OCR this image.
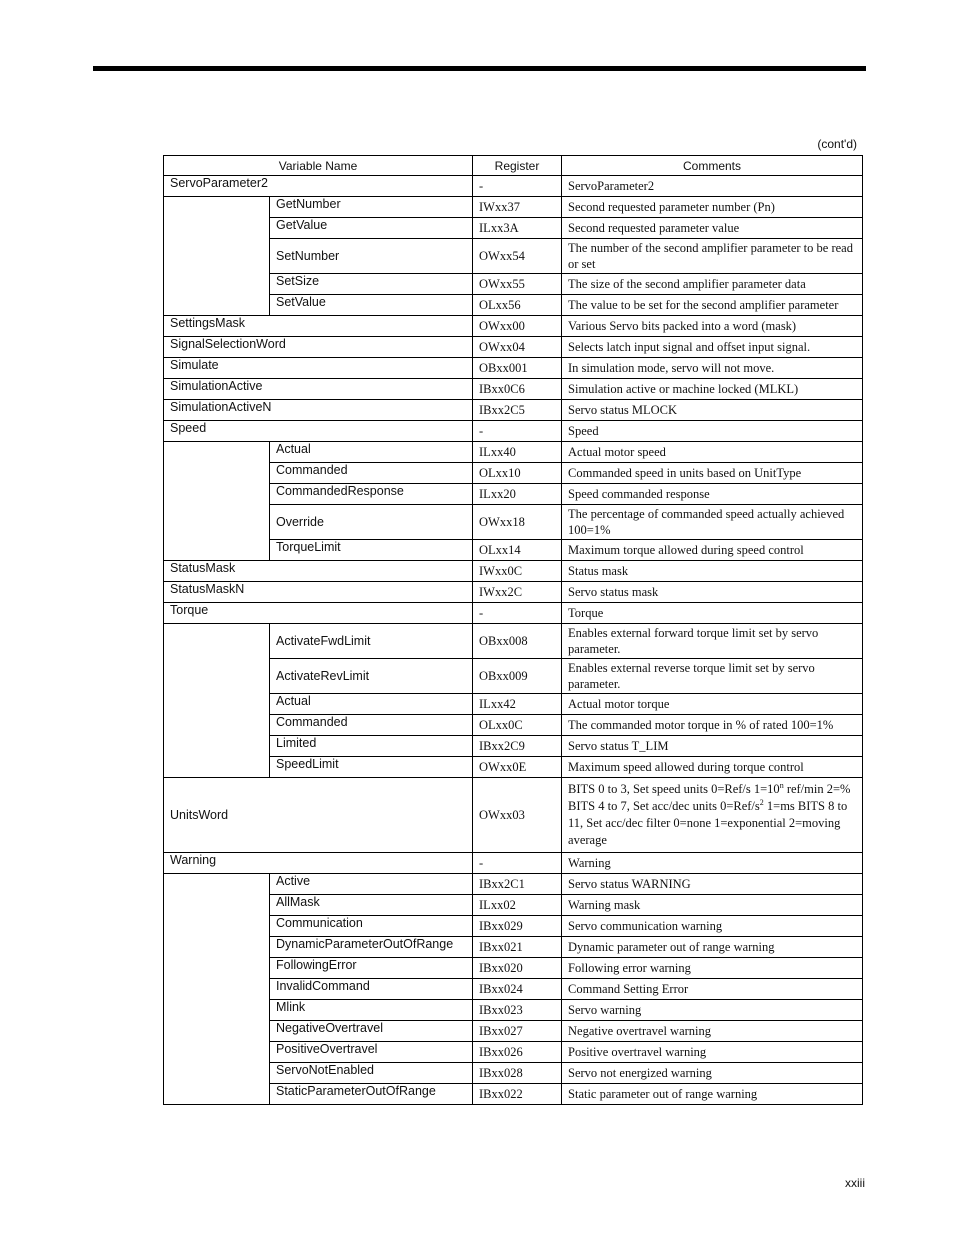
(cont'd)
Variable Name		Register	Comments
ServoParameter2		-	ServoParameter2
	GetNumber	IWxx37	Second requested parameter number (Pn)
	GetValue	ILxx3A	Second requested parameter value
	SetNumber	OWxx54	The number of the second amplifier parameter to be read or set
	SetSize	OWxx55	The size of the second amplifier parameter data
	SetValue	OLxx56	The value to be set for the second amplifier parameter
SettingsMask		OWxx00	Various Servo bits packed into a word (mask)
SignalSelectionWord		OWxx04	Selects latch input signal and offset input signal.
Simulate		OBxx001	In simulation mode, servo will not move.
SimulationActive		IBxx0C6	Simulation active or machine locked (MLKL)
SimulationActiveN		IBxx2C5	Servo status MLOCK
Speed		-	Speed
	Actual	ILxx40	Actual motor speed
	Commanded	OLxx10	Commanded speed in units based on UnitType
	CommandedResponse	ILxx20	Speed commanded response
	Override	OWxx18	The percentage of commanded speed actually achieved 100=1%
	TorqueLimit	OLxx14	Maximum torque allowed during speed control
StatusMask		IWxx0C	Status mask
StatusMaskN		IWxx2C	Servo status mask
Torque		-	Torque
	ActivateFwdLimit	OBxx008	Enables external forward torque limit set by servo parameter.
	ActivateRevLimit	OBxx009	Enables external reverse torque limit set by servo parameter.
	Actual	ILxx42	Actual motor torque
	Commanded	OLxx0C	The commanded motor torque in % of rated 100=1%
	Limited	IBxx2C9	Servo status T_LIM
	SpeedLimit	OWxx0E	Maximum speed allowed during torque control
UnitsWord		OWxx03	BITS 0 to 3, Set speed units 0=Ref/s $1=10^n$ ref/min 2=% BITS 4 to 7, Set acc/dec units $0=Ref/s^2$ 1=ms BITS 8 to 11, Set acc/dec filter 0=none 1=exponential 2=moving average
Warning		-	Warning
	Active	IBxx2C1	Servo status WARNING
	AllMask	ILxx02	Warning mask
	Communication	IBxx029	Servo communication warning
	DynamicParameterOutOfRange	IBxx021	Dynamic parameter out of range warning
	FollowingError	IBxx020	Following error warning
	InvalidCommand	IBxx024	Command Setting Error
	Mlink	IBxx023	Servo warning
	NegativeOvertravel	IBxx027	Negative overtravel warning
	PositiveOvertravel	IBxx026	Positive overtravel warning
	ServoNotEnabled	IBxx028	Servo not energized warning
	StaticParameterOutOfRange	IBxx022	Static parameter out of range warning
xxiii
